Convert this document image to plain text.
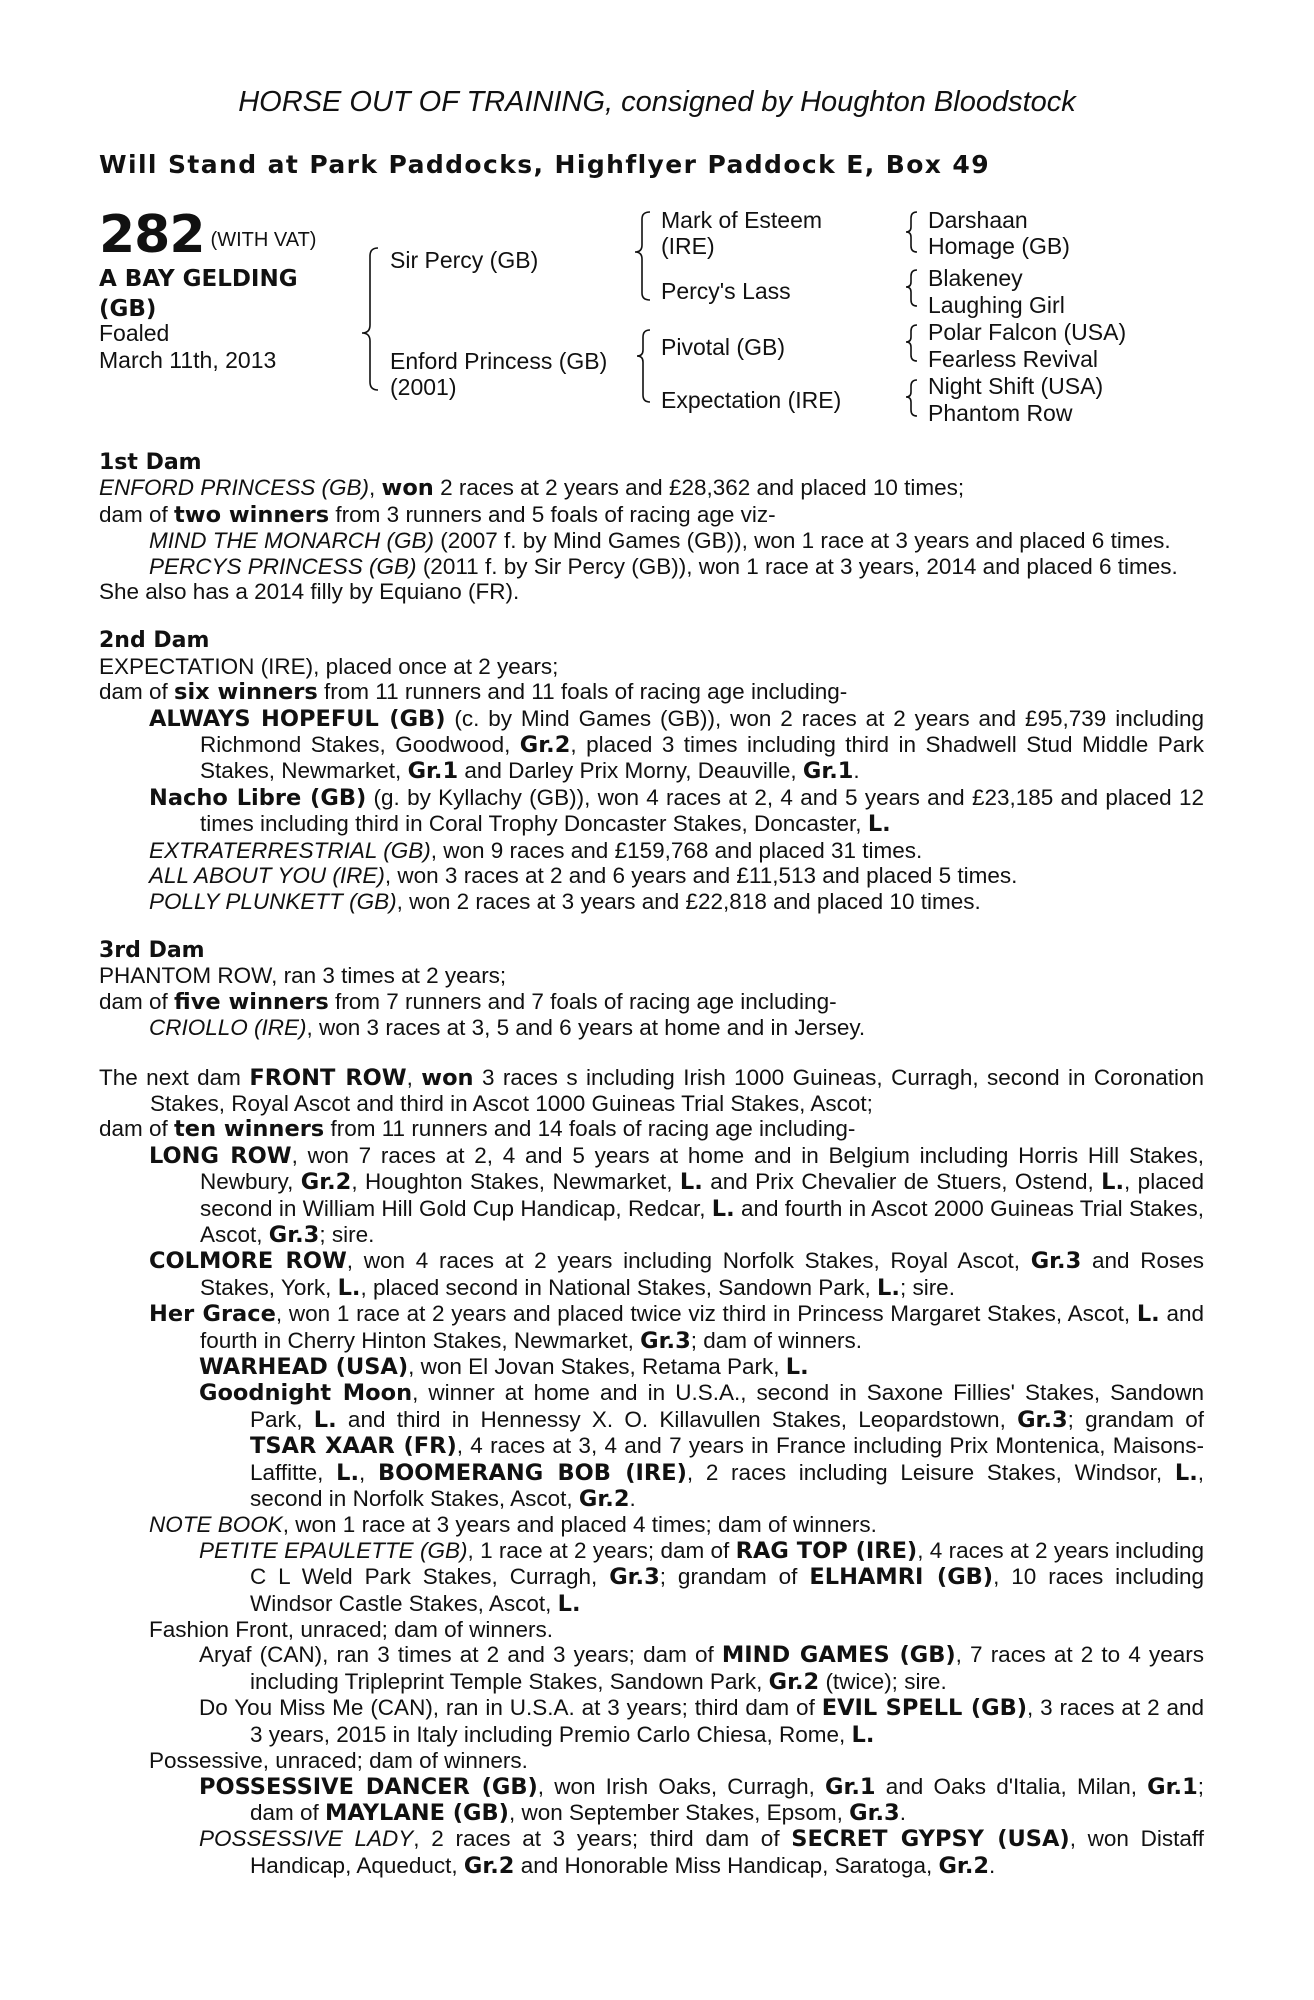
HORSE OUT OF TRAINING, consigned by Houghton Bloodstock
Will Stand at Park Paddocks, Highflyer Paddock E, Box 49
282 (WITH VAT)
A BAY GELDING
(GB)
Foaled
March 11th, 2013
Sir Percy (GB)
Enford Princess (GB)
(2001)
Mark of Esteem
(IRE)
Percy's Lass
Pivotal (GB)
Expectation (IRE)
Darshaan
Homage (GB)
Blakeney
Laughing Girl
Polar Falcon (USA)
Fearless Revival
Night Shift (USA)
Phantom Row

1st Dam

ENFORD PRINCESS (GB), won 2 races at 2 years and £28,362 and placed 10 times;

dam of two winners from 3 runners and 5 foals of racing age viz-

MIND THE MONARCH (GB) (2007 f. by Mind Games (GB)), won 1 race at 3 years and placed 6 times.

PERCYS PRINCESS (GB) (2011 f. by Sir Percy (GB)), won 1 race at 3 years, 2014 and placed 6 times.

She also has a 2014 filly by Equiano (FR).

2nd Dam

EXPECTATION (IRE), placed once at 2 years;

dam of six winners from 11 runners and 11 foals of racing age including-

ALWAYS HOPEFUL (GB) (c. by Mind Games (GB)), won 2 races at 2 years and £95,739 including Richmond Stakes, Goodwood, Gr.2, placed 3 times including third in Shadwell Stud Middle Park Stakes, Newmarket, Gr.1 and Darley Prix Morny, Deauville, Gr.1.

Nacho Libre (GB) (g. by Kyllachy (GB)), won 4 races at 2, 4 and 5 years and £23,185 and placed 12 times including third in Coral Trophy Doncaster Stakes, Doncaster, L.

EXTRATERRESTRIAL (GB), won 9 races and £159,768 and placed 31 times.

ALL ABOUT YOU (IRE), won 3 races at 2 and 6 years and £11,513 and placed 5 times.

POLLY PLUNKETT (GB), won 2 races at 3 years and £22,818 and placed 10 times.

3rd Dam

PHANTOM ROW, ran 3 times at 2 years;

dam of five winners from 7 runners and 7 foals of racing age including-

CRIOLLO (IRE), won 3 races at 3, 5 and 6 years at home and in Jersey.

The next dam FRONT ROW, won 3 races s including Irish 1000 Guineas, Curragh, second in Coronation Stakes, Royal Ascot and third in Ascot 1000 Guineas Trial Stakes, Ascot;

dam of ten winners from 11 runners and 14 foals of racing age including-

LONG ROW, won 7 races at 2, 4 and 5 years at home and in Belgium including Horris Hill Stakes, Newbury, Gr.2, Houghton Stakes, Newmarket, L. and Prix Chevalier de Stuers, Ostend, L., placed second in William Hill Gold Cup Handicap, Redcar, L. and fourth in Ascot 2000 Guineas Trial Stakes, Ascot, Gr.3; sire.

COLMORE ROW, won 4 races at 2 years including Norfolk Stakes, Royal Ascot, Gr.3 and Roses Stakes, York, L., placed second in National Stakes, Sandown Park, L.; sire.

Her Grace, won 1 race at 2 years and placed twice viz third in Princess Margaret Stakes, Ascot, L. and fourth in Cherry Hinton Stakes, Newmarket, Gr.3; dam of winners.

WARHEAD (USA), won El Jovan Stakes, Retama Park, L.

Goodnight Moon, winner at home and in U.S.A., second in Saxone Fillies' Stakes, Sandown Park, L. and third in Hennessy X. O. Killavullen Stakes, Leopardstown, Gr.3; grandam of TSAR XAAR (FR), 4 races at 3, 4 and 7 years in France including Prix Montenica, Maisons-Laffitte, L., BOOMERANG BOB (IRE), 2 races including Leisure Stakes, Windsor, L., second in Norfolk Stakes, Ascot, Gr.2.

NOTE BOOK, won 1 race at 3 years and placed 4 times; dam of winners.

PETITE EPAULETTE (GB), 1 race at 2 years; dam of RAG TOP (IRE), 4 races at 2 years including C L Weld Park Stakes, Curragh, Gr.3; grandam of ELHAMRI (GB), 10 races including Windsor Castle Stakes, Ascot, L.

Fashion Front, unraced; dam of winners.

Aryaf (CAN), ran 3 times at 2 and 3 years; dam of MIND GAMES (GB), 7 races at 2 to 4 years including Tripleprint Temple Stakes, Sandown Park, Gr.2 (twice); sire.

Do You Miss Me (CAN), ran in U.S.A. at 3 years; third dam of EVIL SPELL (GB), 3 races at 2 and 3 years, 2015 in Italy including Premio Carlo Chiesa, Rome, L.

Possessive, unraced; dam of winners.

POSSESSIVE DANCER (GB), won Irish Oaks, Curragh, Gr.1 and Oaks d'Italia, Milan, Gr.1; dam of MAYLANE (GB), won September Stakes, Epsom, Gr.3.

POSSESSIVE LADY, 2 races at 3 years; third dam of SECRET GYPSY (USA), won Distaff Handicap, Aqueduct, Gr.2 and Honorable Miss Handicap, Saratoga, Gr.2.
